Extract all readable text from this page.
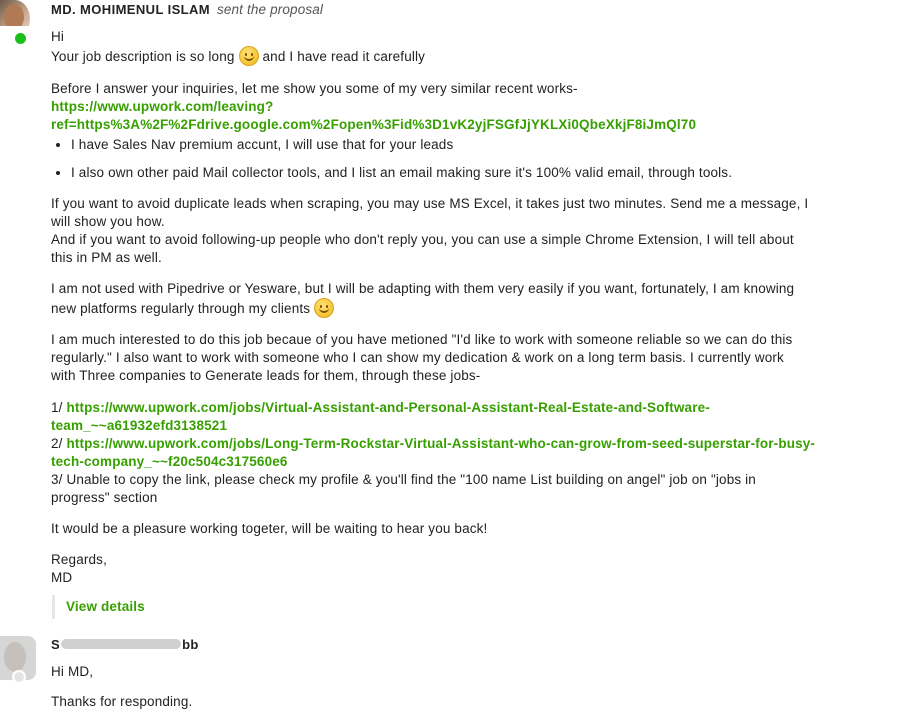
MD. MOHIMENUL ISLAM sent the proposal
Hi
Your job description is so long and I have read it carefully
Before I answer your inquiries, let me show you some of my very similar recent works-
https://www.upwork.com/leaving?
ref=https%3A%2F%2Fdrive.google.com%2Fopen%3Fid%3D1vK2yjFSGfJjYKLXi0QbeXkjF8iJmQl70
• I have Sales Nav premium accunt, I will use that for your leads
• I also own other paid Mail collector tools, and I list an email making sure it's 100% valid email, through tools.
If you want to avoid duplicate leads when scraping, you may use MS Excel, it takes just two minutes. Send me a message, I
will show you how.
And if you want to avoid following-up people who don't reply you, you can use a simple Chrome Extension, I will tell about
this in PM as well.
I am not used with Pipedrive or Yesware, but I will be adapting with them very easily if you want, fortunately, I am knowing
new platforms regularly through my clients
I am much interested to do this job becaue of you have metioned "I'd like to work with someone reliable so we can do this
regularly." I also want to work with someone who I can show my dedication & work on a long term basis. I currently work
with Three companies to Generate leads for them, through these jobs-
1/ https://www.upwork.com/jobs/Virtual-Assistant-and-Personal-Assistant-Real-Estate-and-Software-
team_~~a61932efd3138521
2/ https://www.upwork.com/jobs/Long-Term-Rockstar-Virtual-Assistant-who-can-grow-from-seed-superstar-for-busy-
tech-company_~~f20c504c317560e6
3/ Unable to copy the link, please check my profile & you'll find the "100 name List building on angel" job on "jobs in
progress" section
It would be a pleasure working togeter, will be waiting to hear you back!
Regards,
MD
View details
S	bb
Hi MD,
Thanks for responding.
